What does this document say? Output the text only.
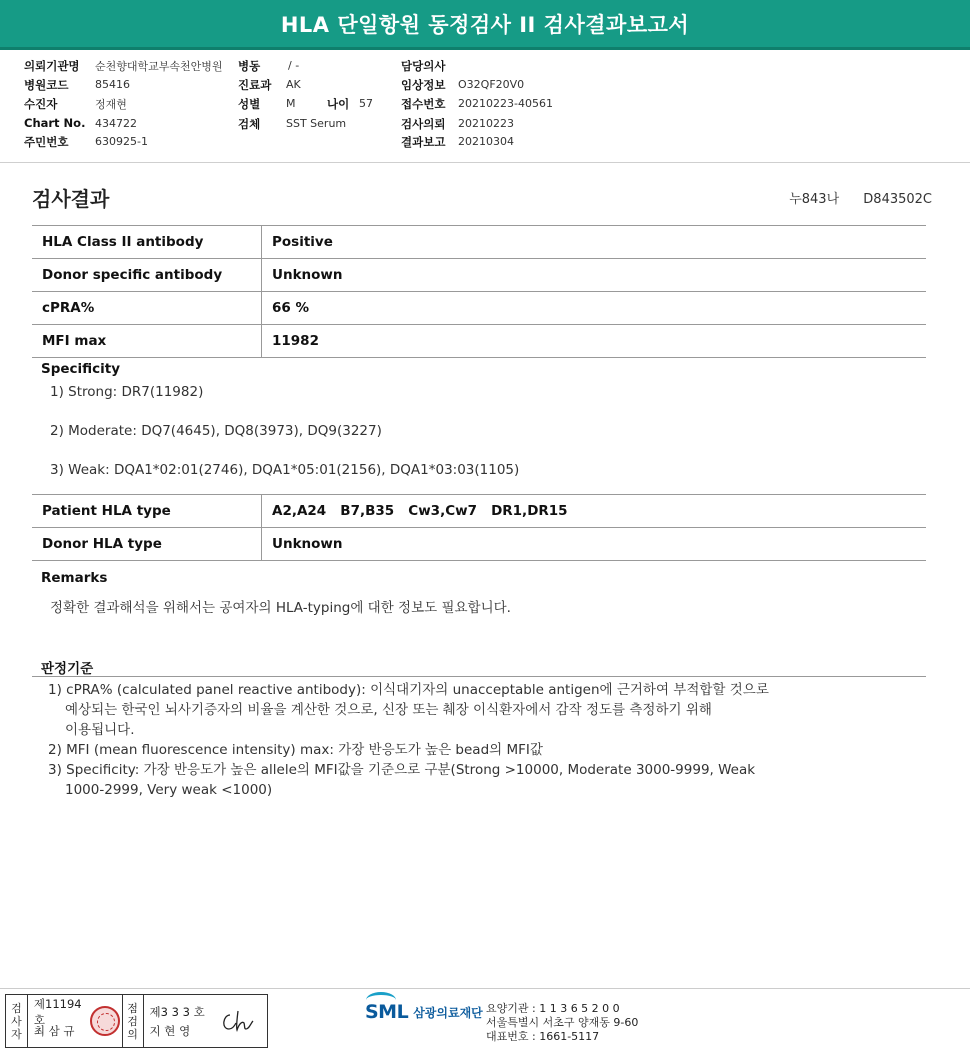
HLA 단일항원 동정검사 II 검사결과보고서
의뢰기관명 순천향대학교부속천안병원
병원코드 85416
수진자	정재현
Chart No. 434722
주민번호 630925-1
병동	/ -
진료과 AK
성별 M	나이 57
검체 SST Serum
담당의사
임상정보 O32QF20V0
접수번호 20210223-40561
검사의뢰 20210223
결과보고 20210304
검사결과	누843나 D843502C
HLA Class II antibody	Positive
Donor specific antibody	Unknown
cPRA%	66 %
MFI max	11982
Specificity
1) Strong: DR7(11982)
2) Moderate: DQ7(4645), DQ8(3973), DQ9(3227)
3) Weak: DQA1*02:01(2746), DQA1*05:01(2156), DQA1*03:03(1105)
Patient HLA type	A2,A24   B7,B35   Cw3,Cw7   DR1,DR15
Donor HLA type	Unknown
Remarks
정확한 결과해석을 위해서는 공여자의 HLA-typing에 대한 정보도 필요합니다.
판정기준
1) cPRA% (calculated panel reactive antibody): 이식대기자의 unacceptable antigen에 근거하여 부적합할 것으로
예상되는 한국인 뇌사기증자의 비율을 계산한 것으로, 신장 또는 췌장 이식환자에서 감작 정도를 측정하기 위해
이용됩니다.
2) MFI (mean fluorescence intensity) max: 가장 반응도가 높은 bead의 MFI값
3) Specificity: 가장 반응도가 높은 allele의 MFI값을 기준으로 구분(Strong >10000, Moderate 3000-9999, Weak
1000-2999, Very weak <1000)
검사자
제11194호
최 삼 규
점검의
제3 3 3 호
지 현 영
SML 삼광의료재단 요양기관 : 1 1 3 6 5 2 0 0
서울특별시 서초구 양재동 9-60
대표번호 : 1661-5117
